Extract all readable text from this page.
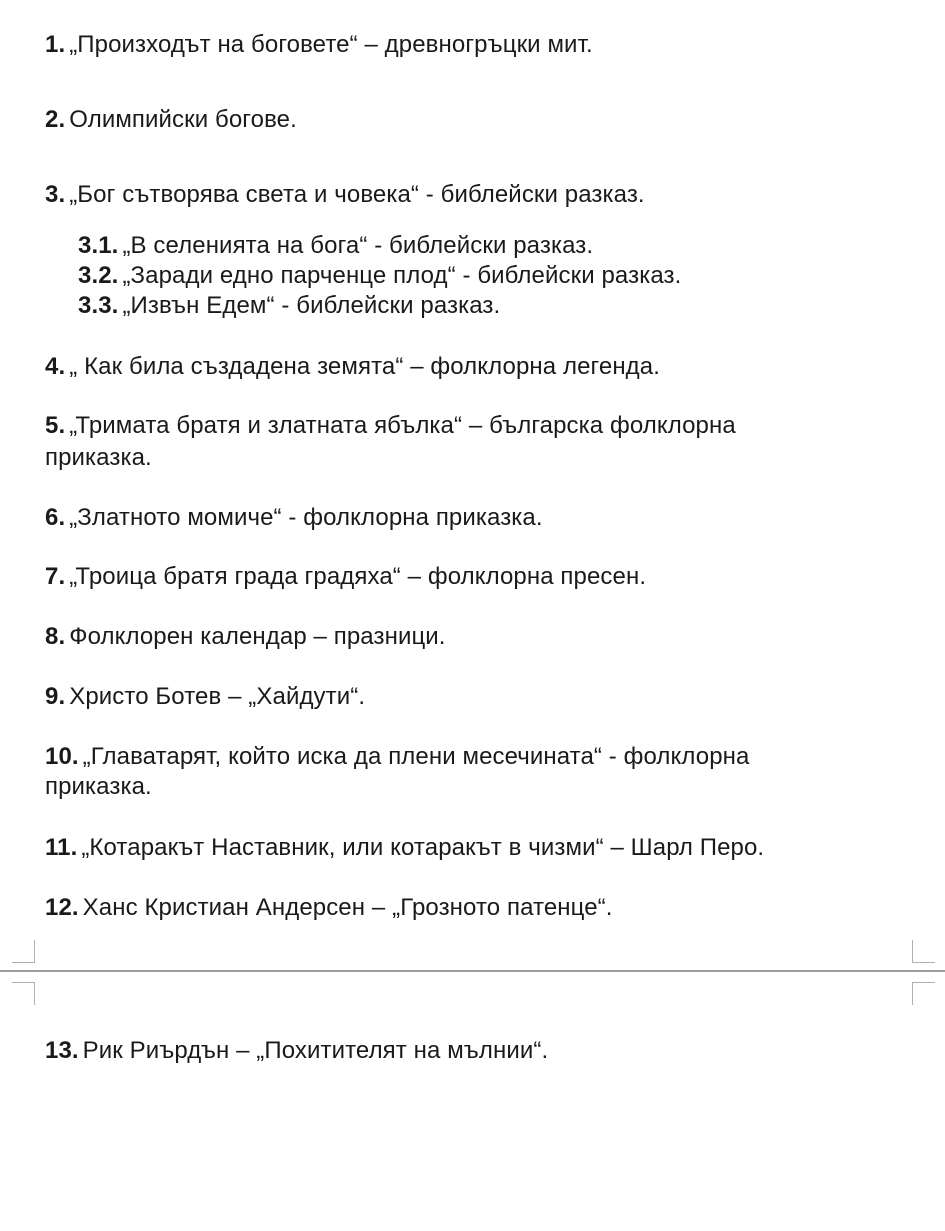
1. „Произходът на боговете“ – древногръцки мит.
2. Олимпийски богове.
3. „Бог сътворява света и човека“ - библейски разказ.
3.1. „В селенията на бога“ - библейски разказ.
3.2. „Заради едно парченце плод“ - библейски разказ.
3.3. „Извън Едем“ - библейски разказ.
4. „ Как била създадена земята“ – фолклорна легенда.
5. „Тримата братя и златната ябълка“ – българска фолклорна
приказка.
6. „Златното момиче“ - фолклорна приказка.
7. „Троица братя града градяха“ – фолклорна пресен.
8. Фолклорен календар – празници.
9. Христо Ботев – „Хайдути“.
10. „Главатарят, който иска да плени месечината“ - фолклорна
приказка.
11. „Котаракът Наставник, или котаракът в чизми“ – Шарл Перо.
12. Ханс Кристиан Андерсен – „Грозното патенце“.
13. Рик Риърдън – „Похитителят на мълнии“.
